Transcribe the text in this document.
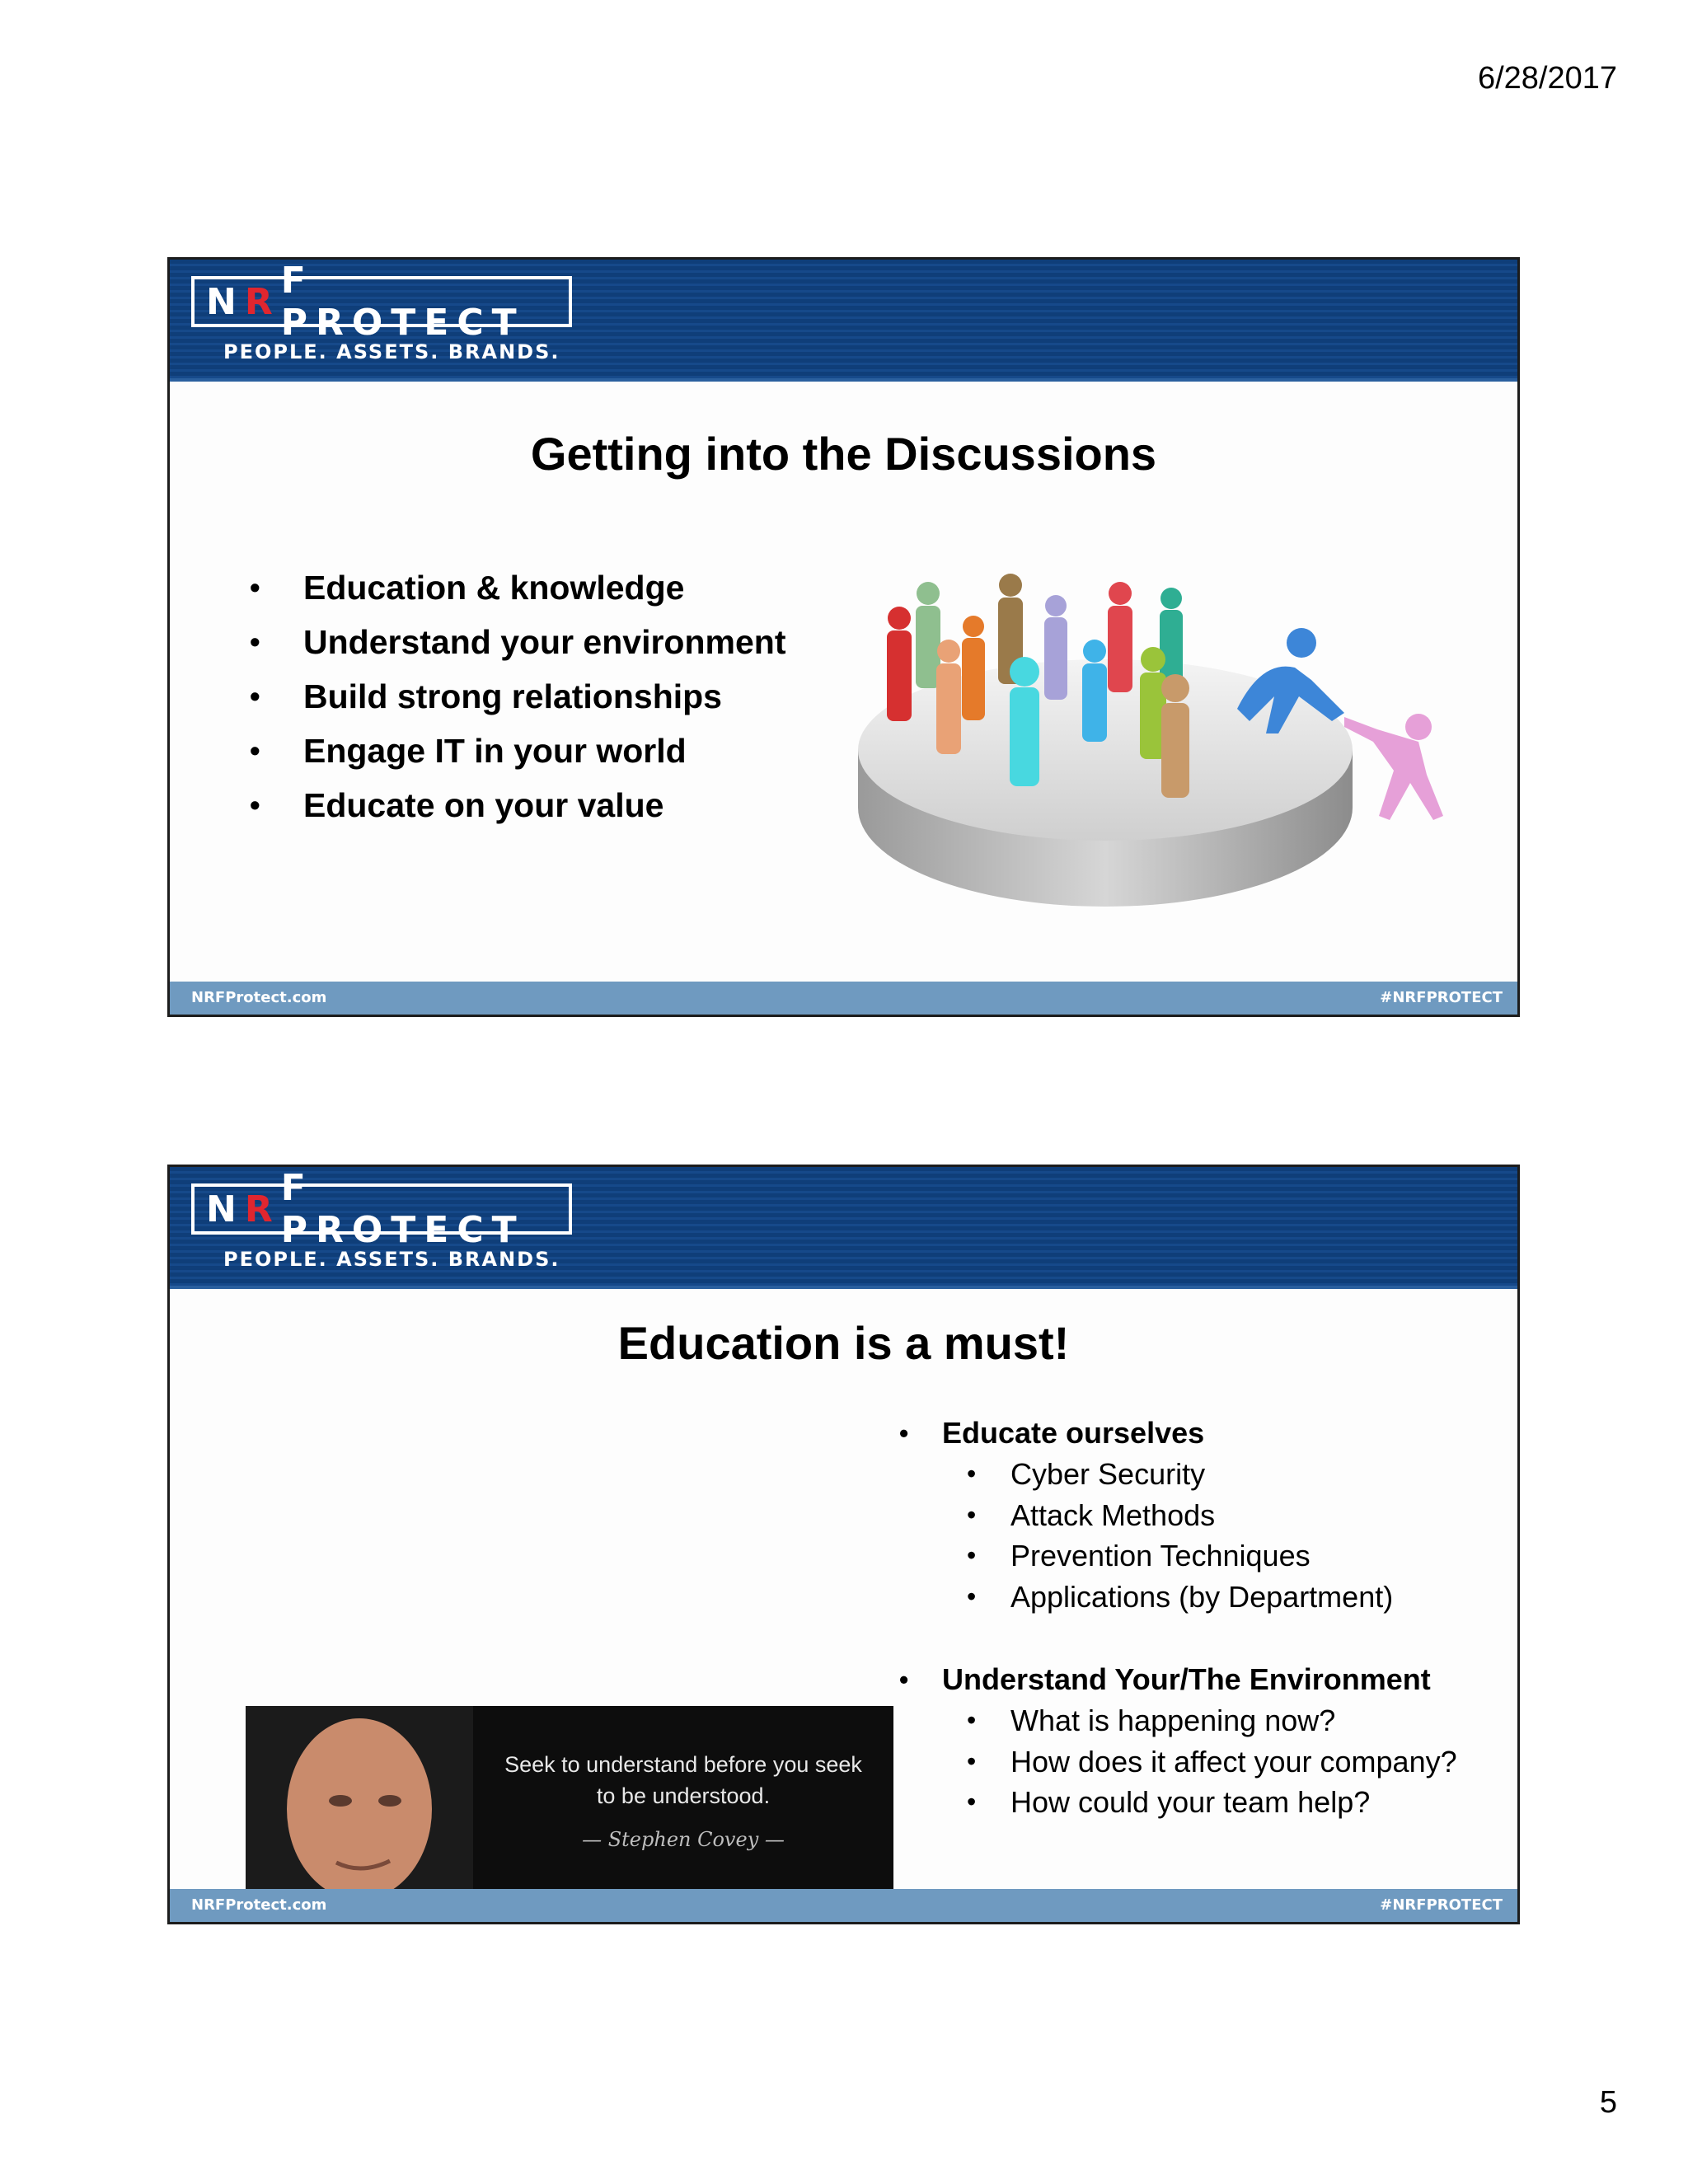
6/28/2017
N R F PROTECT
PEOPLE. ASSETS. BRANDS.
Getting into the Discussions
• Education & knowledge
• Understand your environment
• Build strong relationships
• Engage IT in your world
• Educate on your value
NRFProtect.com	#NRFPROTECT
N R F PROTECT
PEOPLE. ASSETS. BRANDS.
Education is a must!
Seek to understand before you seek to be understood.
— Stephen Covey —
• Educate ourselves
• Cyber Security
• Attack Methods
• Prevention Techniques
• Applications (by Department)
• Understand Your/The Environment
• What is happening now?
• How does it affect your company?
• How could your team help?
NRFProtect.com	#NRFPROTECT
5
